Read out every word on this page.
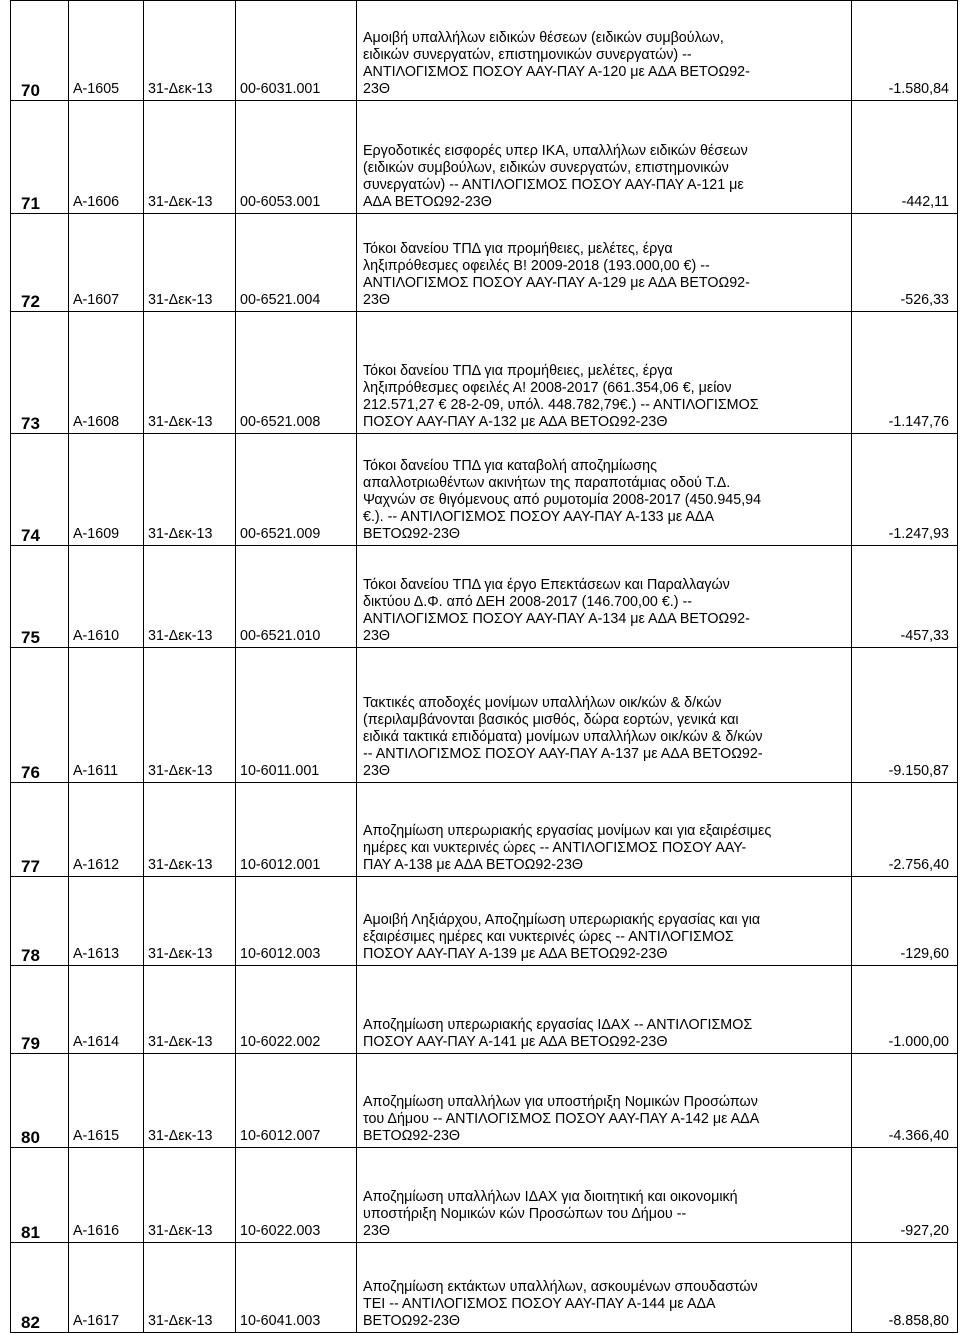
70	Α-1605	31-Δεκ-13	00-6031.001	Αμοιβή υπαλλήλων ειδικών θέσεων (ειδικών συμβούλων,
ειδικών συνεργατών, επιστημονικών συνεργατών) --
ΑΝΤΙΛΟΓΙΣΜΟΣ ΠΟΣΟΥ ΑΑΥ-ΠΑΥ Α-120 με ΑΔΑ ΒΕΤΟΩ92-
23Θ	-1.580,84
71	Α-1606	31-Δεκ-13	00-6053.001	Εργοδοτικές εισφορές υπερ ΙΚΑ, υπαλλήλων ειδικών θέσεων
(ειδικών συμβούλων, ειδικών συνεργατών, επιστημονικών
συνεργατών) -- ΑΝΤΙΛΟΓΙΣΜΟΣ ΠΟΣΟΥ ΑΑΥ-ΠΑΥ Α-121 με
ΑΔΑ ΒΕΤΟΩ92-23Θ	-442,11
72	Α-1607	31-Δεκ-13	00-6521.004	Τόκοι δανείου ΤΠΔ για προμήθειες, μελέτες, έργα
ληξιπρόθεσμες οφειλές Β! 2009-2018 (193.000,00 €) --
ΑΝΤΙΛΟΓΙΣΜΟΣ ΠΟΣΟΥ ΑΑΥ-ΠΑΥ Α-129 με ΑΔΑ ΒΕΤΟΩ92-
23Θ	-526,33
73	Α-1608	31-Δεκ-13	00-6521.008	Τόκοι δανείου ΤΠΔ για προμήθειες, μελέτες, έργα
ληξιπρόθεσμες οφειλές Α! 2008-2017 (661.354,06 €, μείον
212.571,27 € 28-2-09, υπόλ. 448.782,79€.) -- ΑΝΤΙΛΟΓΙΣΜΟΣ
ΠΟΣΟΥ ΑΑΥ-ΠΑΥ Α-132 με ΑΔΑ ΒΕΤΟΩ92-23Θ	-1.147,76
74	Α-1609	31-Δεκ-13	00-6521.009	Τόκοι δανείου ΤΠΔ για καταβολή αποζημίωσης
απαλλοτριωθέντων ακινήτων της παραποτάμιας οδού Τ.Δ.
Ψαχνών σε θιγόμενους από ρυμοτομία 2008-2017 (450.945,94
€.). -- ΑΝΤΙΛΟΓΙΣΜΟΣ ΠΟΣΟΥ ΑΑΥ-ΠΑΥ Α-133 με ΑΔΑ
ΒΕΤΟΩ92-23Θ	-1.247,93
75	Α-1610	31-Δεκ-13	00-6521.010	Τόκοι δανείου ΤΠΔ για έργο Επεκτάσεων και Παραλλαγών
δικτύου Δ.Φ. από ΔΕΗ 2008-2017 (146.700,00 €.) --
ΑΝΤΙΛΟΓΙΣΜΟΣ ΠΟΣΟΥ ΑΑΥ-ΠΑΥ Α-134 με ΑΔΑ ΒΕΤΟΩ92-
23Θ	-457,33
76	Α-1611	31-Δεκ-13	10-6011.001	Τακτικές αποδοχές μονίμων υπαλλήλων οικ/κών & δ/κών
(περιλαμβάνονται βασικός μισθός, δώρα εορτών, γενικά και
ειδικά τακτικά επιδόματα) μονίμων υπαλλήλων οικ/κών & δ/κών
-- ΑΝΤΙΛΟΓΙΣΜΟΣ ΠΟΣΟΥ ΑΑΥ-ΠΑΥ Α-137 με ΑΔΑ ΒΕΤΟΩ92-
23Θ	-9.150,87
77	Α-1612	31-Δεκ-13	10-6012.001	Αποζημίωση υπερωριακής εργασίας μονίμων και για εξαιρέσιμες
ημέρες και νυκτερινές ώρες -- ΑΝΤΙΛΟΓΙΣΜΟΣ ΠΟΣΟΥ ΑΑΥ-
ΠΑΥ Α-138 με ΑΔΑ ΒΕΤΟΩ92-23Θ	-2.756,40
78	Α-1613	31-Δεκ-13	10-6012.003	Αμοιβή Ληξιάρχου, Αποζημίωση υπερωριακής εργασίας και για
εξαιρέσιμες ημέρες και νυκτερινές ώρες -- ΑΝΤΙΛΟΓΙΣΜΟΣ
ΠΟΣΟΥ ΑΑΥ-ΠΑΥ Α-139 με ΑΔΑ ΒΕΤΟΩ92-23Θ	-129,60
79	Α-1614	31-Δεκ-13	10-6022.002	Αποζημίωση υπερωριακής εργασίας ΙΔΑΧ -- ΑΝΤΙΛΟΓΙΣΜΟΣ
ΠΟΣΟΥ ΑΑΥ-ΠΑΥ Α-141 με ΑΔΑ ΒΕΤΟΩ92-23Θ	-1.000,00
80	Α-1615	31-Δεκ-13	10-6012.007	Αποζημίωση υπαλλήλων για υποστήριξη Νομικών Προσώπων
του Δήμου -- ΑΝΤΙΛΟΓΙΣΜΟΣ ΠΟΣΟΥ ΑΑΥ-ΠΑΥ Α-142 με ΑΔΑ
ΒΕΤΟΩ92-23Θ	-4.366,40
81	Α-1616	31-Δεκ-13	10-6022.003	Αποζημίωση υπαλλήλων ΙΔΑΧ για διοιτητική και οικονομική
υποστήριξη Νομικών κών Προσώπων του Δήμου --
23Θ	-927,20
82	Α-1617	31-Δεκ-13	10-6041.003	Αποζημίωση εκτάκτων υπαλλήλων, ασκουμένων σπουδαστών
ΤΕΙ -- ΑΝΤΙΛΟΓΙΣΜΟΣ ΠΟΣΟΥ ΑΑΥ-ΠΑΥ Α-144 με ΑΔΑ
ΒΕΤΟΩ92-23Θ	-8.858,80
